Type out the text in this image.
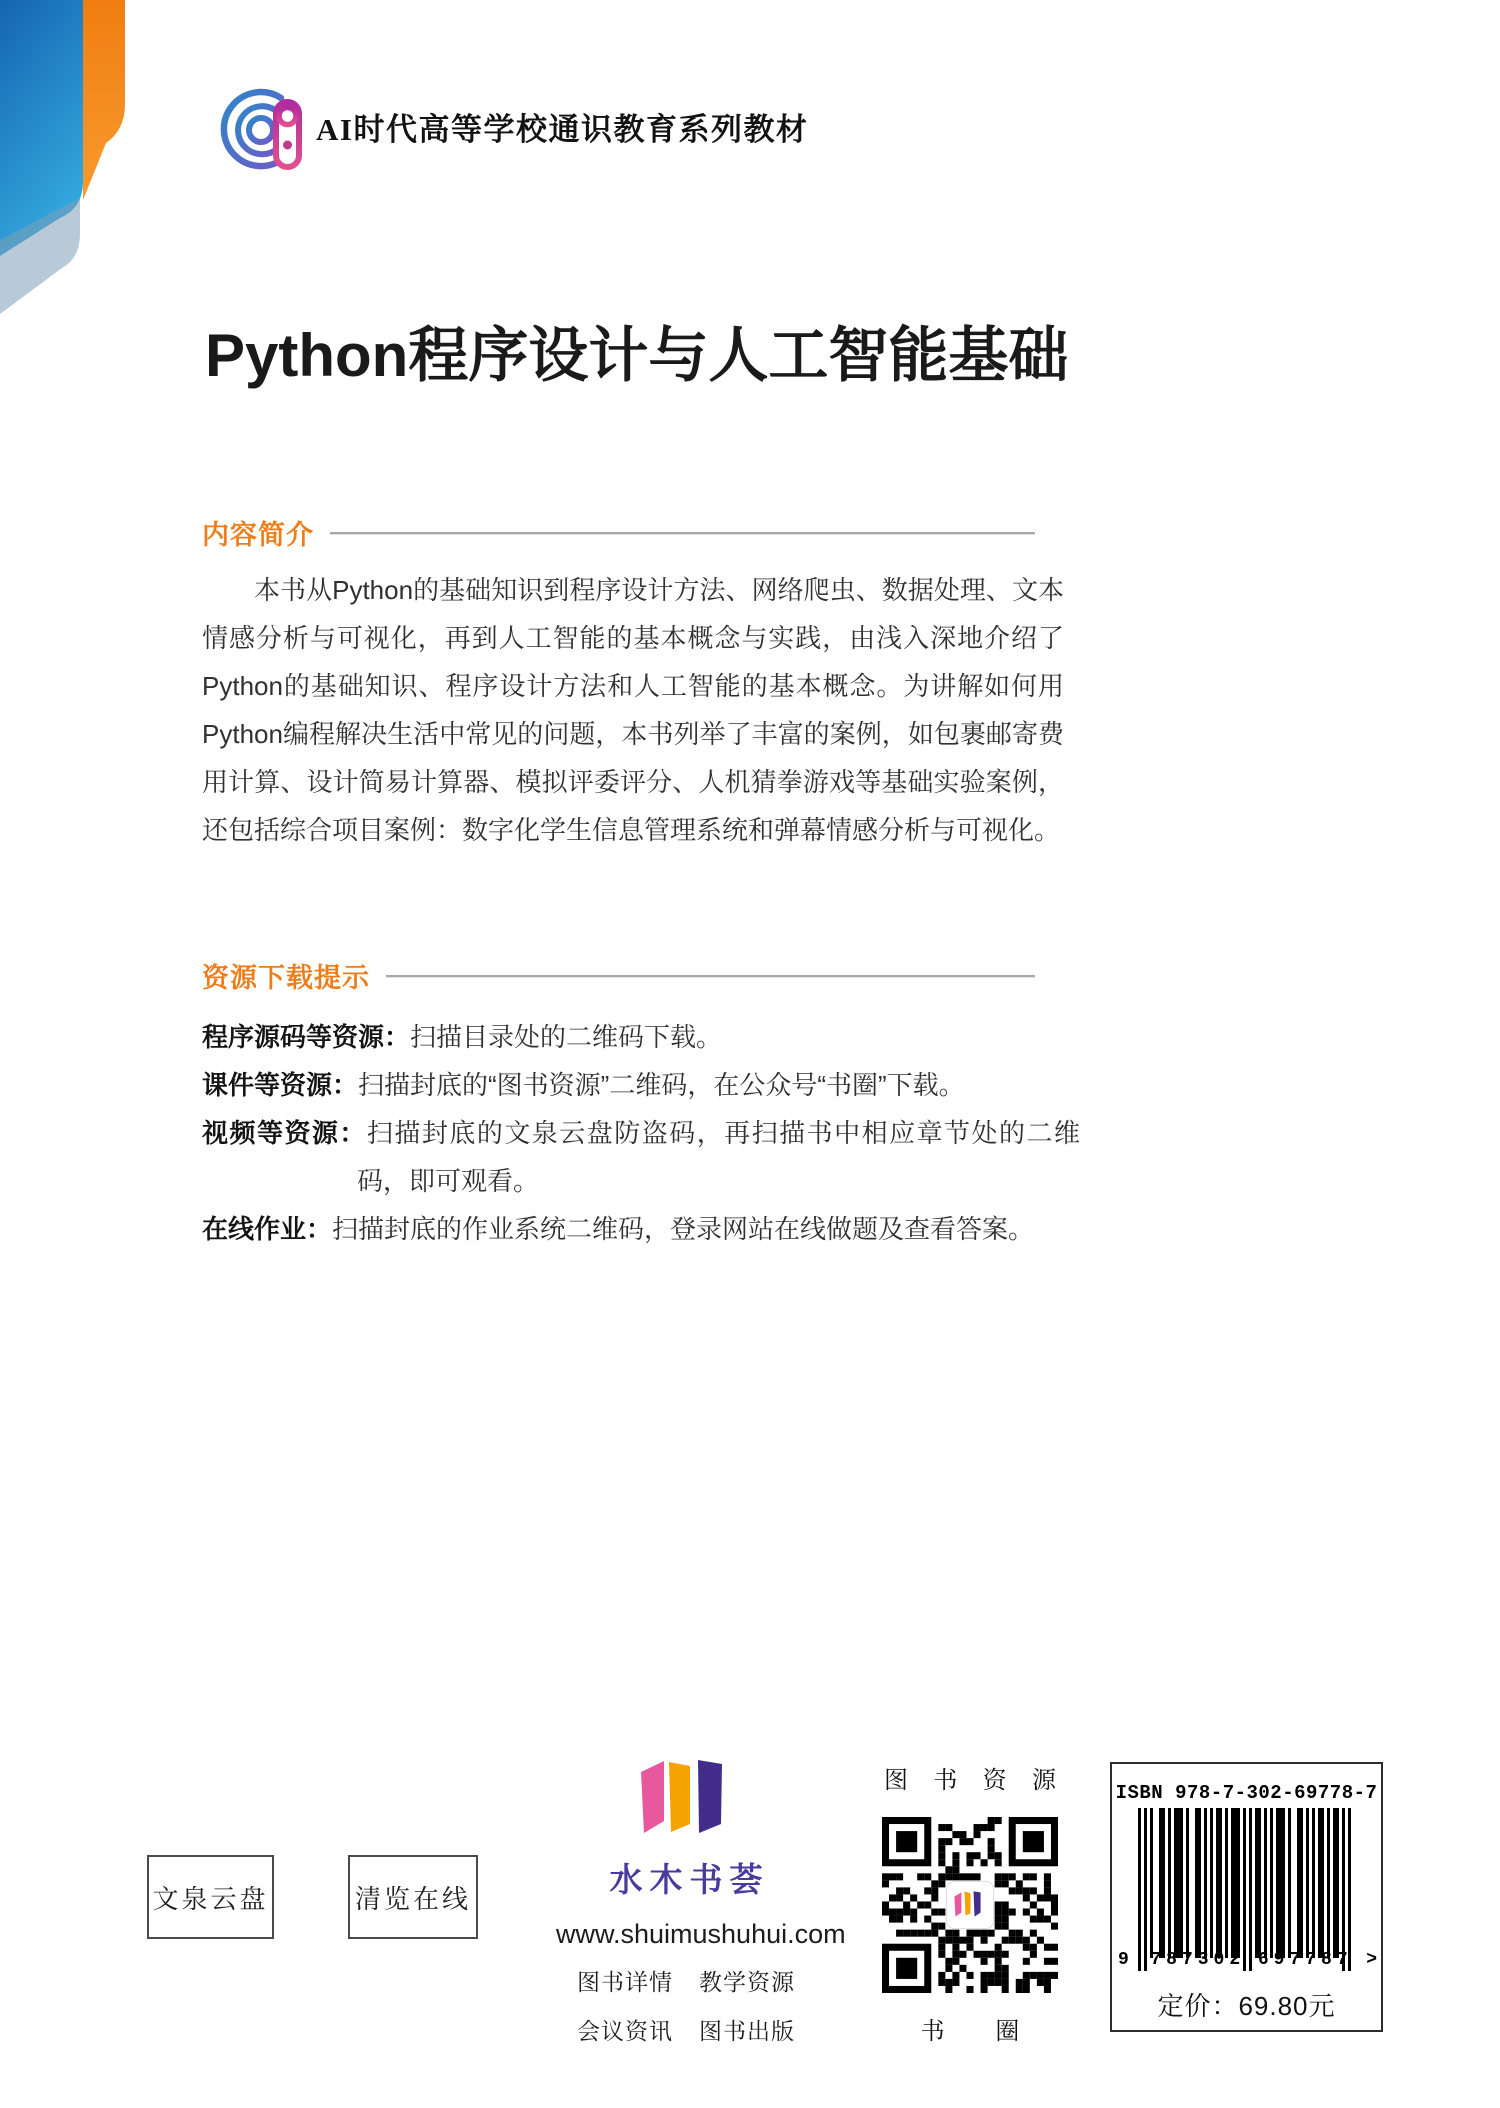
AI时代高等学校通识教育系列教材
Python程序设计与人工智能基础
内容简介

本书从Python的基础知识到程序设计方法、网络爬虫、数据处理、文本情感分析与可视化，再到人工智能的基本概念与实践，由浅入深地介绍了Python的基础知识、程序设计方法和人工智能的基本概念。为讲解如何用Python编程解决生活中常见的问题，本书列举了丰富的案例，如包裹邮寄费用计算、设计简易计算器、模拟评委评分、人机猜拳游戏等基础实验案例，还包括综合项目案例：数字化学生信息管理系统和弹幕情感分析与可视化。

资源下载提示
程序源码等资源：扫描目录处的二维码下载。
课件等资源：扫描封底的“图书资源”二维码，在公众号“书圈”下载。
视频等资源：扫描封底的文泉云盘防盗码，再扫描书中相应章节处的二维码，即可观看。
在线作业：扫描封底的作业系统二维码，登录网站在线做题及查看答案。
文泉云盘	清览在线	水木书荟
www.shuimushuhui.com
图书详情 教学资源
会议资讯 图书出版
图 书 资 源
书 圈
ISBN 978-7-302-69778-7
9	787302 697787 >
定价：69.80元
